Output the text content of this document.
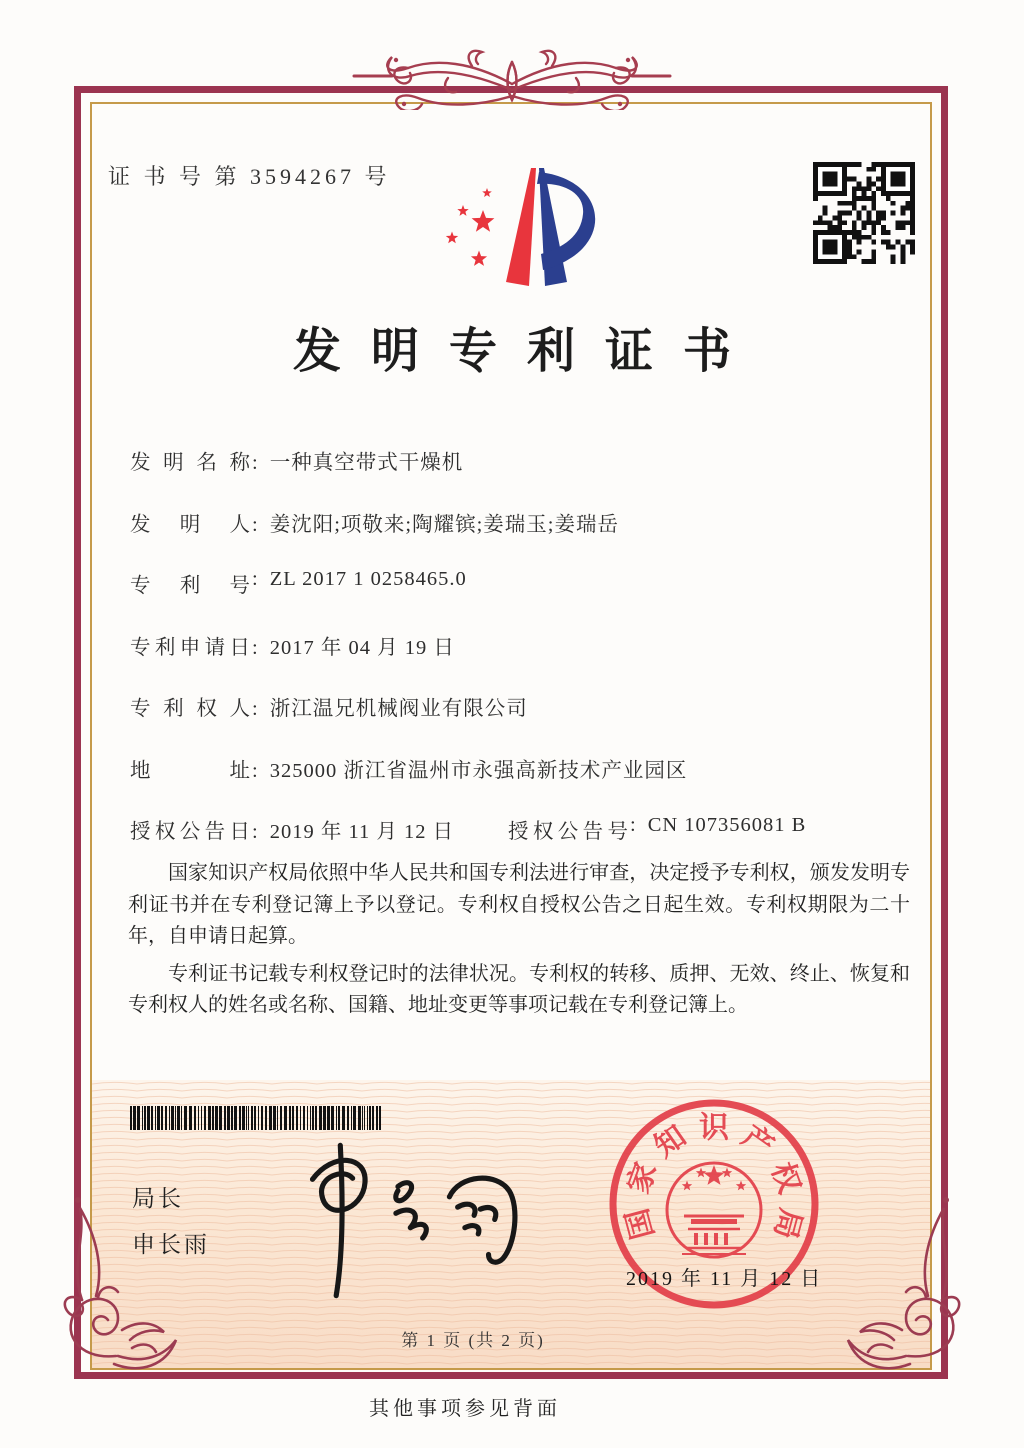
证 书 号 第 3594267 号
发明专利证书
发明名称: 一种真空带式干燥机
发明人: 姜沈阳;项敬来;陶耀镔;姜瑞玉;姜瑞岳
专利号: ZL 2017 1 0258465.0
专利申请日: 2017 年 04 月 19 日
专利权人: 浙江温兄机械阀业有限公司
地址: 325000 浙江省温州市永强高新技术产业园区
授权公告日: 2019 年 11 月 12 日	授权公告号: CN 107356081 B

国家知识产权局依照中华人民共和国专利法进行审查，决定授予专利权，颁发发明专利证书并在专利登记簿上予以登记。专利权自授权公告之日起生效。专利权期限为二十年，自申请日起算。

专利证书记载专利权登记时的法律状况。专利权的转移、质押、无效、终止、恢复和专利权人的姓名或名称、国籍、地址变更等事项记载在专利登记簿上。

局长
申长雨
国
家
知 识 产
权
局
2019 年 11 月 12 日
第 1 页 (共 2 页)
其他事项参见背面
